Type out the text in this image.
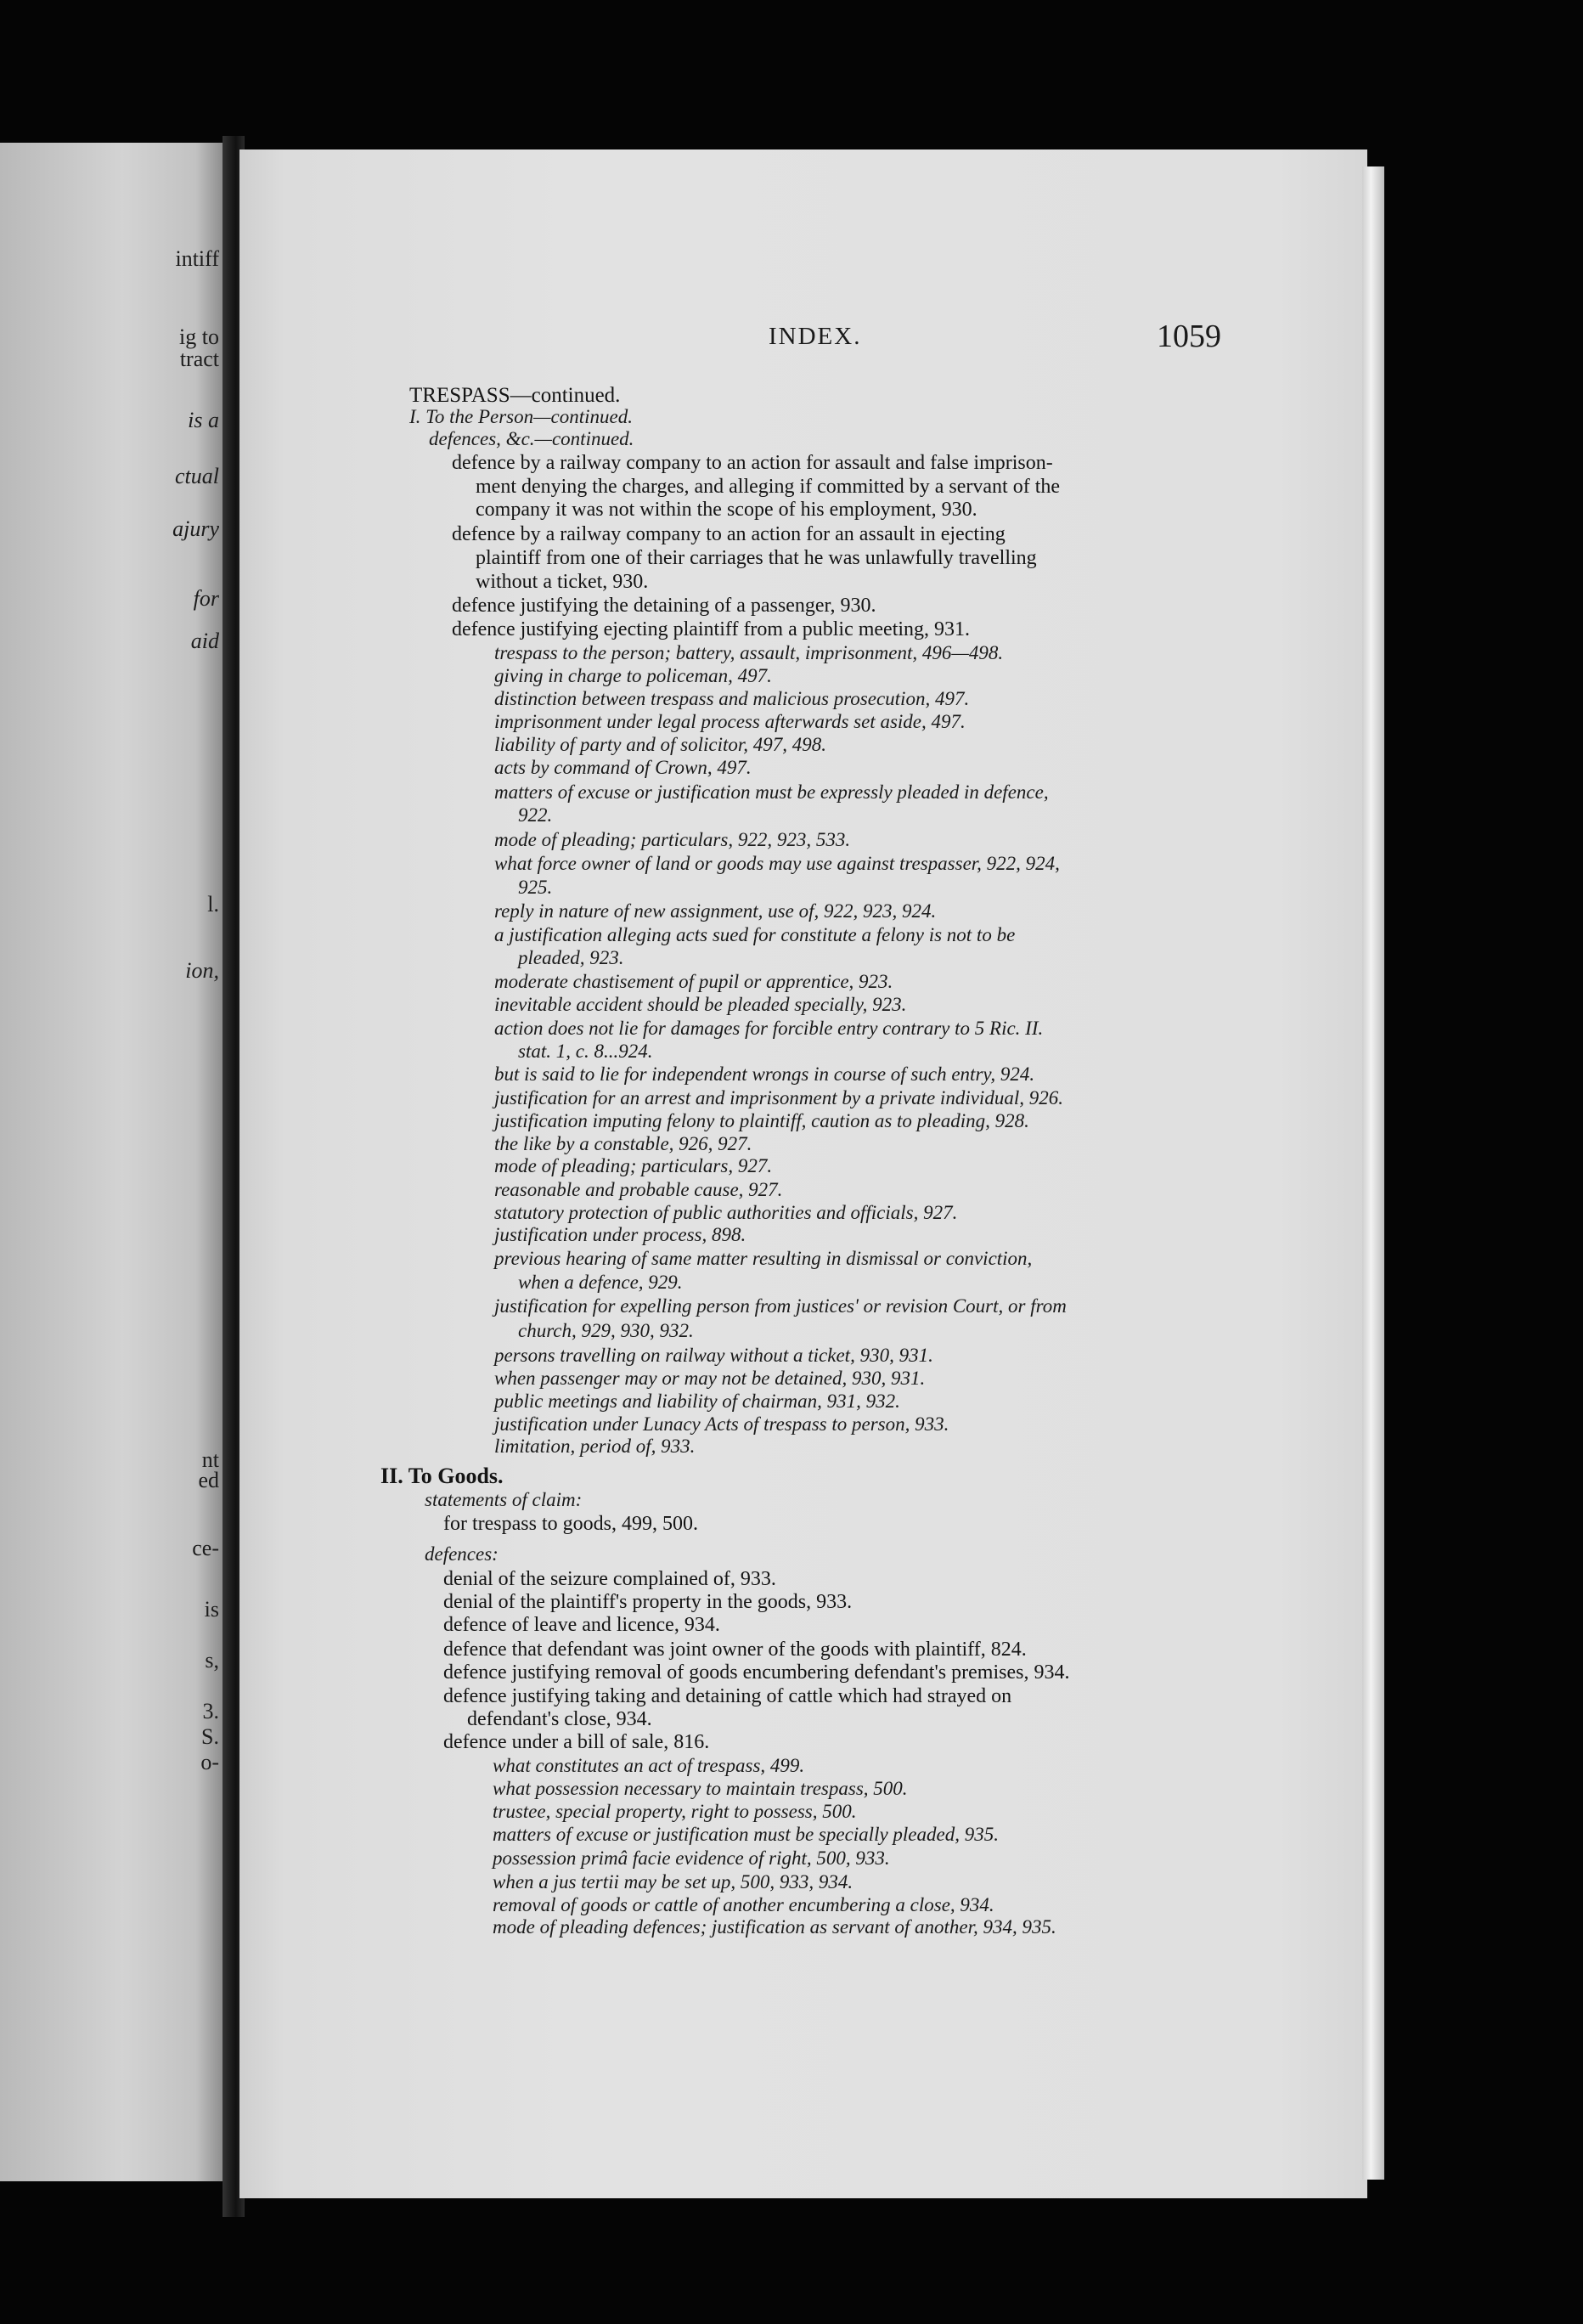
intiff
ig to
tract
is a
ctual
ajury
for
aid
l.
ion,
nt
ed
ce-
is
s,
3.
S.
o-
INDEX.	1059
TRESPASS—continued.
I. To the Person—continued.
defences, &c.—continued.
defence by a railway company to an action for assault and false imprison-
ment denying the charges, and alleging if committed by a servant of the
company it was not within the scope of his employment, 930.
defence by a railway company to an action for an assault in ejecting
plaintiff from one of their carriages that he was unlawfully travelling
without a ticket, 930.
defence justifying the detaining of a passenger, 930.
defence justifying ejecting plaintiff from a public meeting, 931.
trespass to the person; battery, assault, imprisonment, 496—498.
giving in charge to policeman, 497.
distinction between trespass and malicious prosecution, 497.
imprisonment under legal process afterwards set aside, 497.
liability of party and of solicitor, 497, 498.
acts by command of Crown, 497.
matters of excuse or justification must be expressly pleaded in defence,
922.
mode of pleading; particulars, 922, 923, 533.
what force owner of land or goods may use against trespasser, 922, 924,
925.
reply in nature of new assignment, use of, 922, 923, 924.
a justification alleging acts sued for constitute a felony is not to be
pleaded, 923.
moderate chastisement of pupil or apprentice, 923.
inevitable accident should be pleaded specially, 923.
action does not lie for damages for forcible entry contrary to 5 Ric. II.
stat. 1, c. 8...924.
but is said to lie for independent wrongs in course of such entry, 924.
justification for an arrest and imprisonment by a private individual, 926.
justification imputing felony to plaintiff, caution as to pleading, 928.
the like by a constable, 926, 927.
mode of pleading; particulars, 927.
reasonable and probable cause, 927.
statutory protection of public authorities and officials, 927.
justification under process, 898.
previous hearing of same matter resulting in dismissal or conviction,
when a defence, 929.
justification for expelling person from justices' or revision Court, or from
church, 929, 930, 932.
persons travelling on railway without a ticket, 930, 931.
when passenger may or may not be detained, 930, 931.
public meetings and liability of chairman, 931, 932.
justification under Lunacy Acts of trespass to person, 933.
limitation, period of, 933.
II. To Goods.
statements of claim:
for trespass to goods, 499, 500.
defences:
denial of the seizure complained of, 933.
denial of the plaintiff's property in the goods, 933.
defence of leave and licence, 934.
defence that defendant was joint owner of the goods with plaintiff, 824.
defence justifying removal of goods encumbering defendant's premises, 934.
defence justifying taking and detaining of cattle which had strayed on
defendant's close, 934.
defence under a bill of sale, 816.
what constitutes an act of trespass, 499.
what possession necessary to maintain trespass, 500.
trustee, special property, right to possess, 500.
matters of excuse or justification must be specially pleaded, 935.
possession primâ facie evidence of right, 500, 933.
when a jus tertii may be set up, 500, 933, 934.
removal of goods or cattle of another encumbering a close, 934.
mode of pleading defences; justification as servant of another, 934, 935.
